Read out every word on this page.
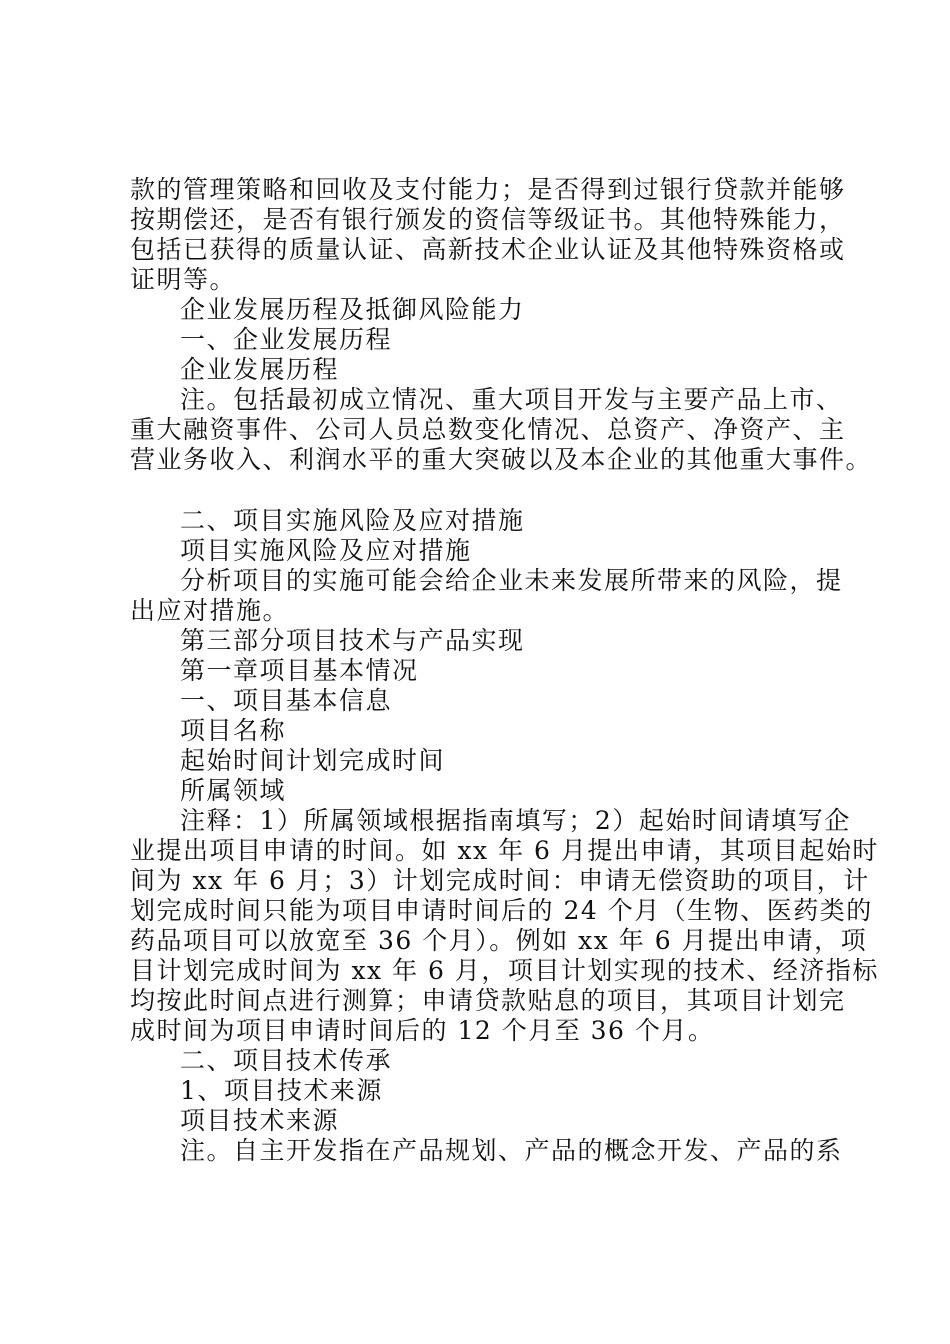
款的管理策略和回收及支付能力；是否得到过银行贷款并能够
按期偿还，是否有银行颁发的资信等级证书。其他特殊能力，
包括已获得的质量认证、高新技术企业认证及其他特殊资格或
证明等。
企业发展历程及抵御风险能力
一、企业发展历程
企业发展历程
注。包括最初成立情况、重大项目开发与主要产品上市、
重大融资事件、公司人员总数变化情况、总资产、净资产、主
营业务收入、利润水平的重大突破以及本企业的其他重大事件。
二、项目实施风险及应对措施
项目实施风险及应对措施
分析项目的实施可能会给企业未来发展所带来的风险，提
出应对措施。
第三部分项目技术与产品实现
第一章项目基本情况
一、项目基本信息
项目名称
起始时间计划完成时间
所属领域
注释：1）所属领域根据指南填写；2）起始时间请填写企
业提出项目申请的时间。如 xx 年 6 月提出申请，其项目起始时
间为 xx 年 6 月；3）计划完成时间：申请无偿资助的项目，计
划完成时间只能为项目申请时间后的 24 个月（生物、医药类的
药品项目可以放宽至 36 个月）。例如 xx 年 6 月提出申请，项
目计划完成时间为 xx 年 6 月，项目计划实现的技术、经济指标
均按此时间点进行测算；申请贷款贴息的项目，其项目计划完
成时间为项目申请时间后的 12 个月至 36 个月。
二、项目技术传承
1、项目技术来源
项目技术来源
注。自主开发指在产品规划、产品的概念开发、产品的系
